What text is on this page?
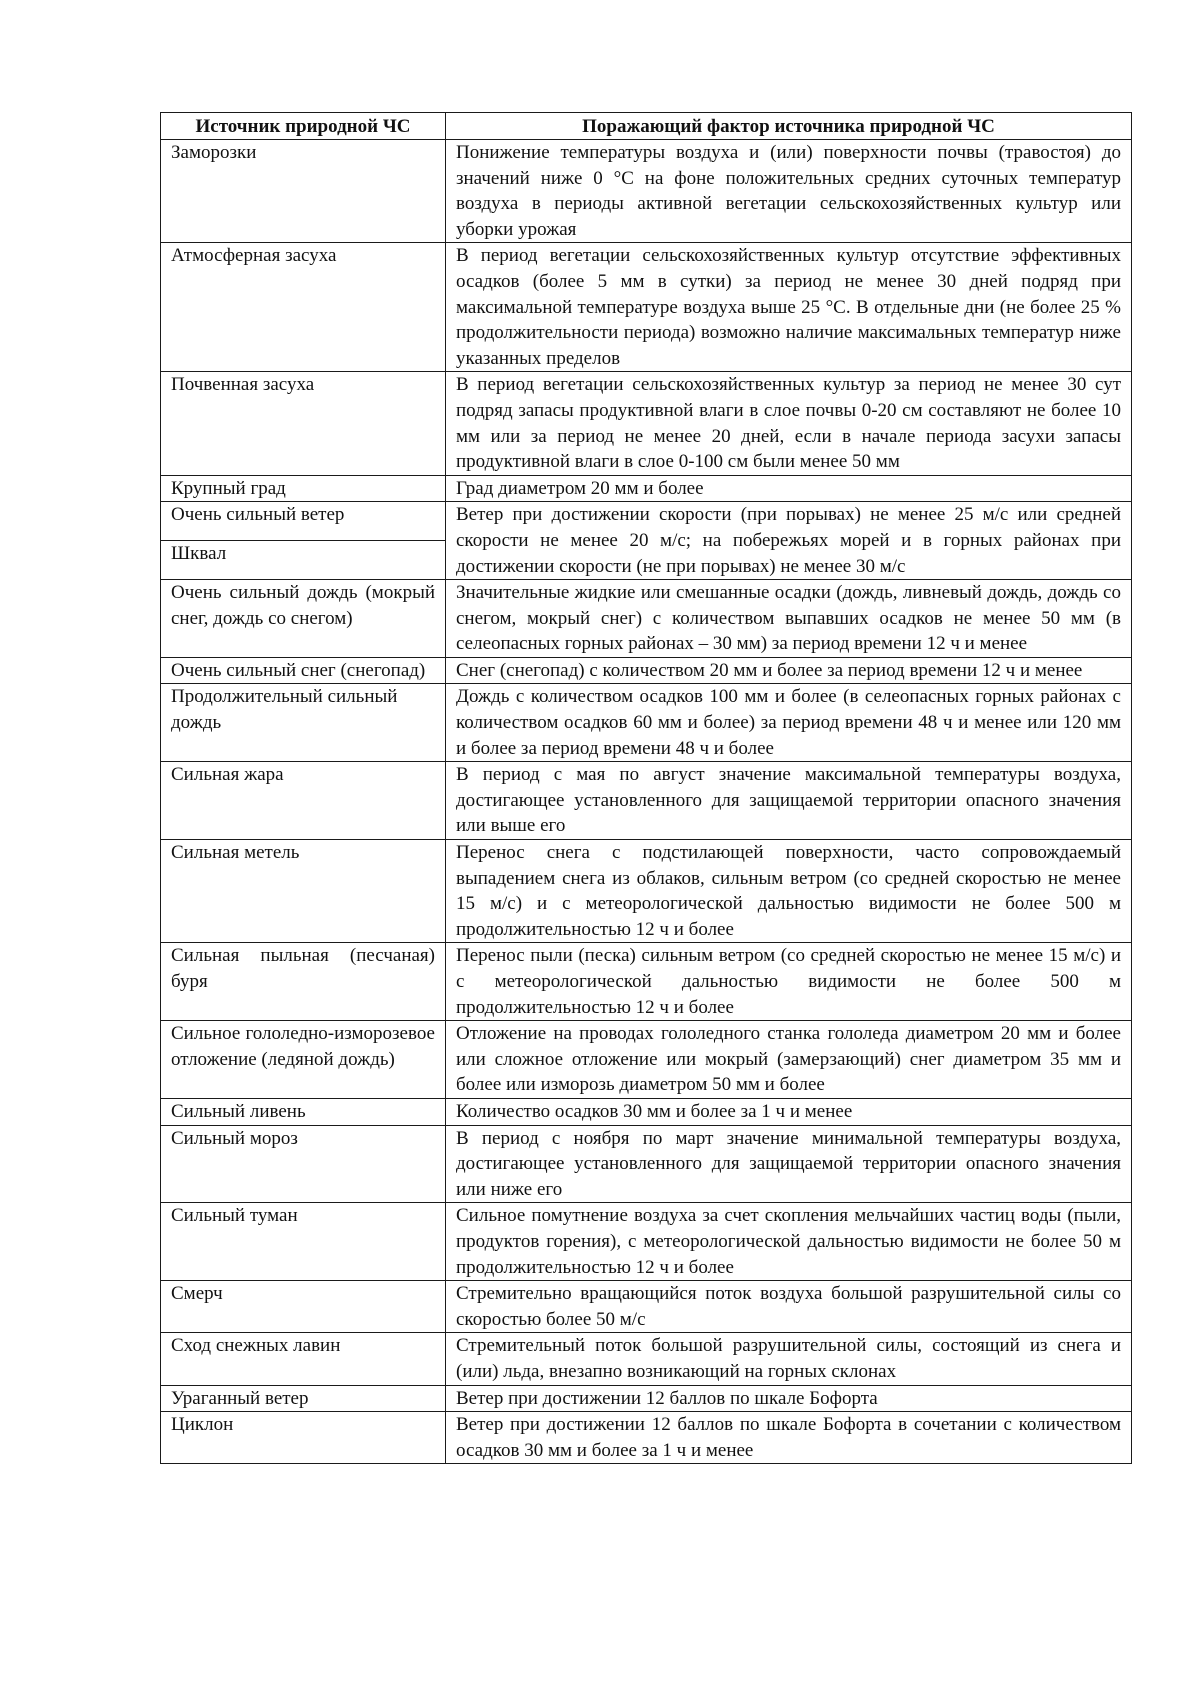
Источник природной ЧС	Поражающий фактор источника природной ЧС
Заморозки	Понижение температуры воздуха и (или) поверхности почвы (травостоя) до значений ниже 0 °С на фоне положительных средних суточных температур воздуха в периоды активной вегетации сельскохозяйственных культур или уборки урожая
Атмосферная засуха	В период вегетации сельскохозяйственных культур отсутствие эффективных осадков (более 5 мм в сутки) за период не менее 30 дней подряд при максимальной температуре воздуха выше 25 °С. В отдельные дни (не более 25 % продолжительности периода) возможно наличие максимальных температур ниже указанных пределов
Почвенная засуха	В период вегетации сельскохозяйственных культур за период не менее 30 сут подряд запасы продуктивной влаги в слое почвы 0-20 см составляют не более 10 мм или за период не менее 20 дней, если в начале периода засухи запасы продуктивной влаги в слое 0-100 см были менее 50 мм
Крупный град	Град диаметром 20 мм и более
Очень сильный ветер	Ветер при достижении скорости (при порывах) не менее 25 м/с или средней скорости не менее 20 м/с; на побережьях морей и в горных районах при достижении скорости (не при порывах) не менее 30 м/с
Шквал	
Очень сильный дождь (мокрый снег, дождь со снегом)	Значительные жидкие или смешанные осадки (дождь, ливневый дождь, дождь со снегом, мокрый снег) с количеством выпавших осадков не менее 50 мм (в селеопасных горных районах – 30 мм) за период времени 12 ч и менее
Очень сильный снег (снегопад)	Снег (снегопад) с количеством 20 мм и более за период времени 12 ч и менее
Продолжительный сильный дождь	Дождь с количеством осадков 100 мм и более (в селеопасных горных районах с количеством осадков 60 мм и более) за период времени 48 ч и менее или 120 мм и более за период времени 48 ч и более
Сильная жара	В период с мая по август значение максимальной температуры воздуха, достигающее установленного для защищаемой территории опасного значения или выше его
Сильная метель	Перенос снега с подстилающей поверхности, часто сопровождаемый выпадением снега из облаков, сильным ветром (со средней скоростью не менее 15 м/с) и с метеорологической дальностью видимости не более 500 м продолжительностью 12 ч и более
Сильная пыльная (песчаная) буря	Перенос пыли (песка) сильным ветром (со средней скоростью не менее 15 м/с) и с метеорологической дальностью видимости не более 500 м продолжительностью 12 ч и более
Сильное гололедно-изморозевое отложение (ледяной дождь)	Отложение на проводах гололедного станка гололеда диаметром 20 мм и более или сложное отложение или мокрый (замерзающий) снег диаметром 35 мм и более или изморозь диаметром 50 мм и более
Сильный ливень	Количество осадков 30 мм и более за 1 ч и менее
Сильный мороз	В период с ноября по март значение минимальной температуры воздуха, достигающее установленного для защищаемой территории опасного значения или ниже его
Сильный туман	Сильное помутнение воздуха за счет скопления мельчайших частиц воды (пыли, продуктов горения), с метеорологической дальностью видимости не более 50 м продолжительностью 12 ч и более
Смерч	Стремительно вращающийся поток воздуха большой разрушительной силы со скоростью более 50 м/с
Сход снежных лавин	Стремительный поток большой разрушительной силы, состоящий из снега и (или) льда, внезапно возникающий на горных склонах
Ураганный ветер	Ветер при достижении 12 баллов по шкале Бофорта
Циклон	Ветер при достижении 12 баллов по шкале Бофорта в сочетании с количеством осадков 30 мм и более за 1 ч и менее
